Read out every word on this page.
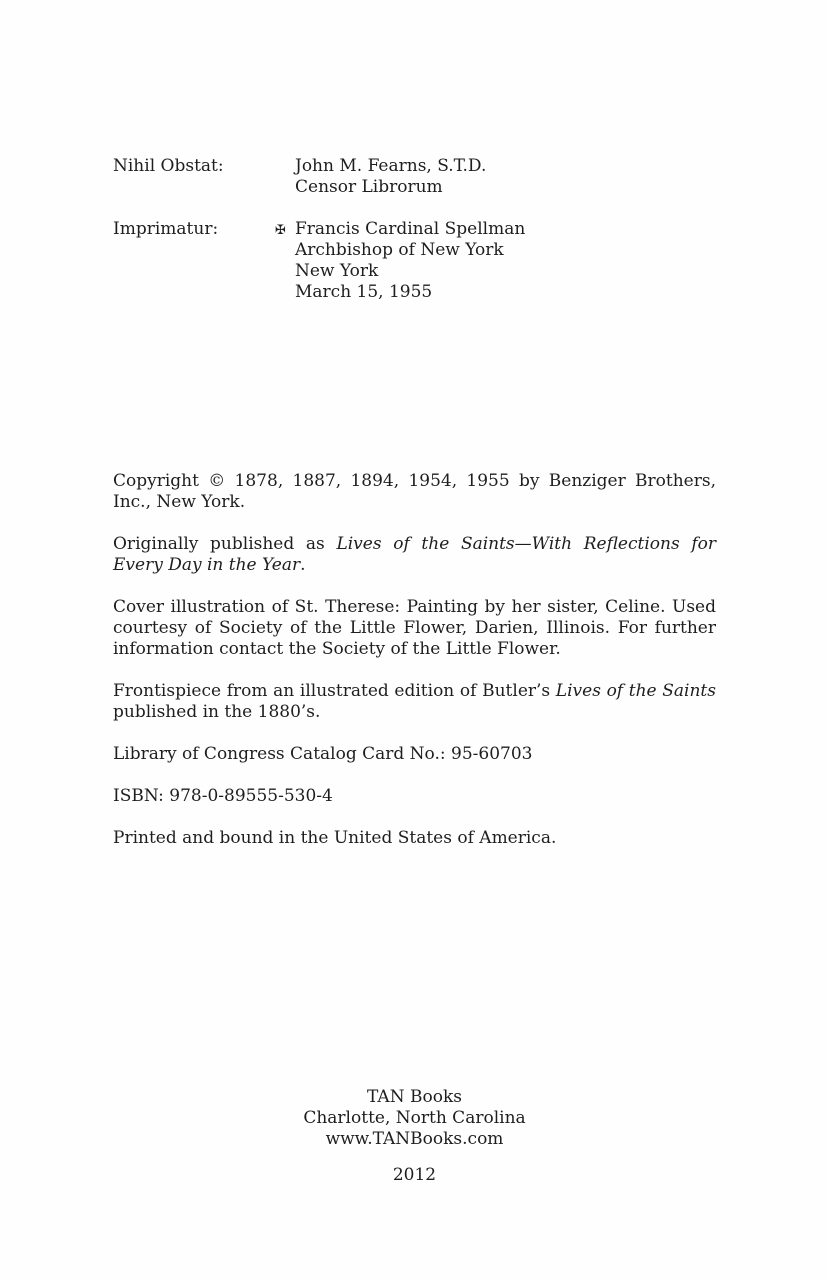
Nihil Obstat:	John M. Fearns, S.T.D.
Censor Librorum
Imprimatur:	✠ Francis Cardinal Spellman
Archbishop of New York
New York
March 15, 1955

Copyright © 1878, 1887, 1894, 1954, 1955 by Benziger Brothers, Inc., New York.

Originally published as Lives of the Saints—With Reflections for Every Day in the Year.

Cover illustration of St. Therese: Painting by her sister, Celine. Used courtesy of Society of the Little Flower, Darien, Illinois. For further information contact the Society of the Little Flower.

Frontispiece from an illustrated edition of Butler’s Lives of the Saints published in the 1880’s.

Library of Congress Catalog Card No.: 95-60703

ISBN: 978-0-89555-530-4

Printed and bound in the United States of America.

TAN Books
Charlotte, North Carolina
www.TANBooks.com
2012
